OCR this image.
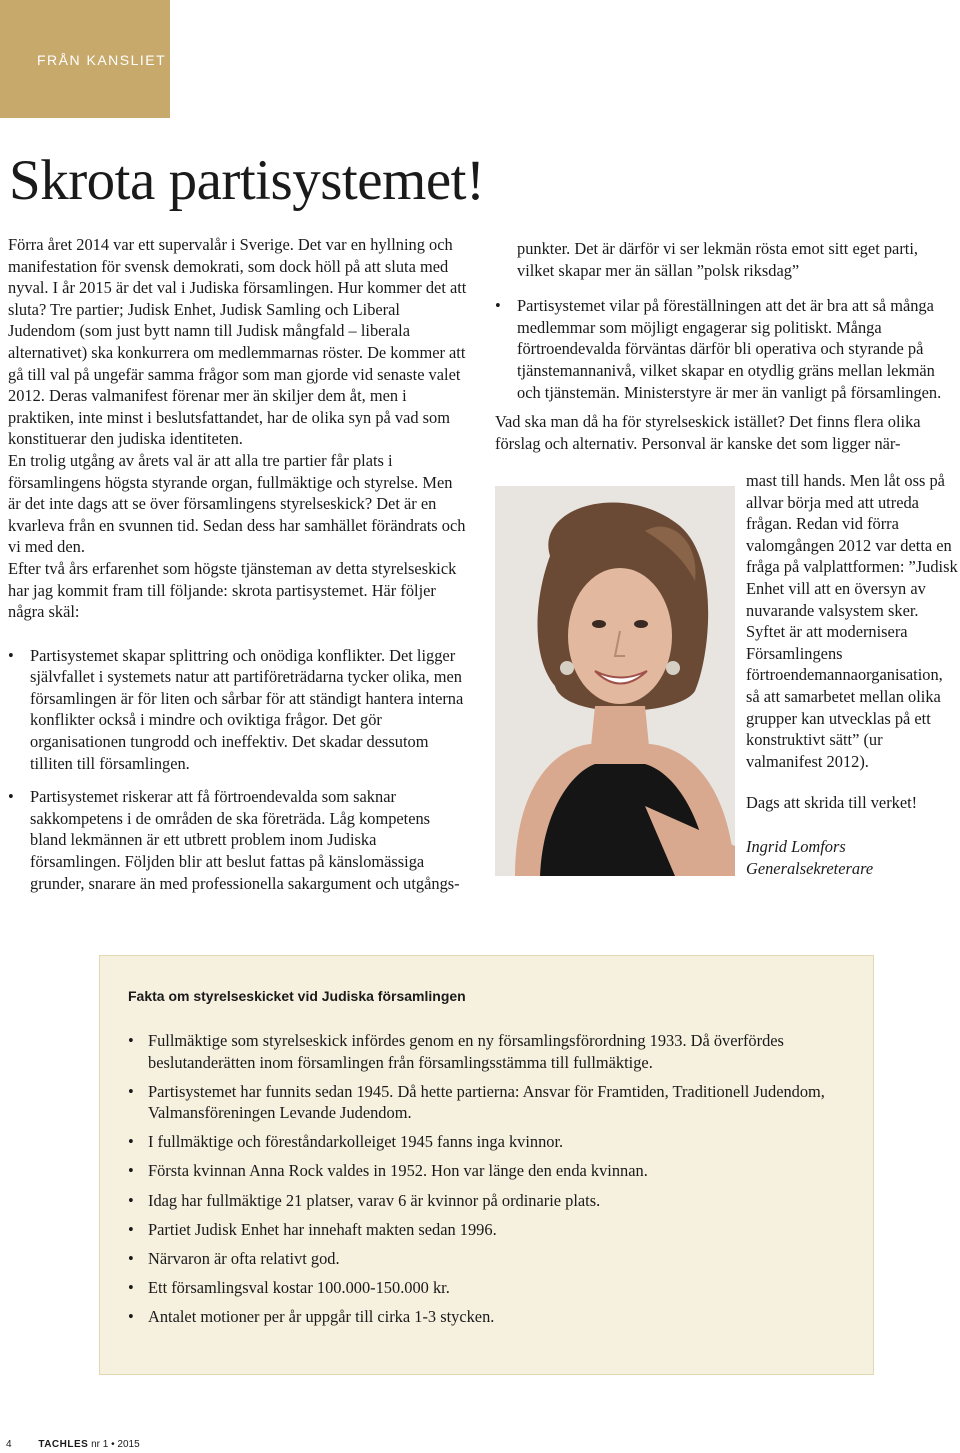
FRÅN KANSLIET
Skrota partisystemet!

Förra året 2014 var ett supervalår i Sverige. Det var en hyllning och manifestation för svensk demokrati, som dock höll på att sluta med nyval. I år 2015 är det val i Judiska församlingen. Hur kommer det att sluta? Tre partier; Judisk Enhet, Judisk Samling och Liberal Judendom (som just bytt namn till Judisk mångfald – liberala alternativet) ska konkurrera om medlemmarnas röster. De kommer att gå till val på ungefär samma frågor som man gjorde vid senaste valet 2012. Deras valmanifest förenar mer än skiljer dem åt, men i praktiken, inte minst i beslutsfattandet, har de olika syn på vad som konstituerar den judiska identiteten.

En trolig utgång av årets val är att alla tre partier får plats i församlingens högsta styrande organ, fullmäktige och styrelse. Men är det inte dags att se över församlingens styrelseskick? Det är en kvarleva från en svunnen tid. Sedan dess har samhället förändrats och vi med den.

Efter två års erfarenhet som högste tjänsteman av detta styrelseskick har jag kommit fram till följande: skrota partisystemet. Här följer några skäl:

• Partisystemet skapar splittring och onödiga konflikter. Det ligger självfallet i systemets natur att partiföreträdarna tycker olika, men församlingen är för liten och sårbar för att ständigt hantera interna konflikter också i mindre och oviktiga frågor. Det gör organisationen tungrodd och ineffektiv. Det skadar dessutom tilliten till församlingen.
• Partisystemet riskerar att få förtroendevalda som saknar sakkompetens i de områden de ska företräda. Låg kompetens bland lekmännen är ett utbrett problem inom Judiska församlingen. Följden blir att beslut fattas på känslomässiga grunder, snarare än med professionella sakargument och utgångs-

punkter. Det är därför vi ser lekmän rösta emot sitt eget parti, vilket skapar mer än sällan ”polsk riksdag”

• Partisystemet vilar på föreställningen att det är bra att så många medlemmar som möjligt engagerar sig politiskt. Många förtroendevalda förväntas därför bli operativa och styrande på tjänstemannanivå, vilket skapar en otydlig gräns mellan lekmän och tjänstemän. Ministerstyre är mer än vanligt på församlingen.

Vad ska man då ha för styrelseskick istället? Det finns flera olika förslag och alternativ. Personval är kanske det som ligger när-

mast till hands. Men låt oss på allvar börja med att utreda frågan. Redan vid förra valomgången 2012 var detta en fråga på valplattformen: ”Judisk Enhet vill att en översyn av nuvarande valsystem sker. Syftet är att modernisera Församlingens förtroendemannaorganisation, så att samarbetet mellan olika grupper kan utvecklas på ett konstruktivt sätt” (ur valmanifest 2012).

Dags att skrida till verket!

Ingrid Lomfors

Generalsekreterare

Fakta om styrelseskicket vid Judiska församlingen
• Fullmäktige som styrelseskick infördes genom en ny församlingsförordning 1933. Då överfördes beslutanderätten inom församlingen från församlingsstämma till fullmäktige.
• Partisystemet har funnits sedan 1945. Då hette partierna: Ansvar för Framtiden, Traditionell Judendom, Valmansföreningen Levande Judendom.
• I fullmäktige och föreståndarkolleiget 1945 fanns inga kvinnor.
• Första kvinnan Anna Rock valdes in 1952. Hon var länge den enda kvinnan.
• Idag har fullmäktige 21 platser, varav 6 är kvinnor på ordinarie plats.
• Partiet Judisk Enhet har innehaft makten sedan 1996.
• Närvaron är ofta relativt god.
• Ett församlingsval kostar 100.000-150.000 kr.
• Antalet motioner per år uppgår till cirka 1-3 stycken.
4	TACHLES nr 1 • 2015
